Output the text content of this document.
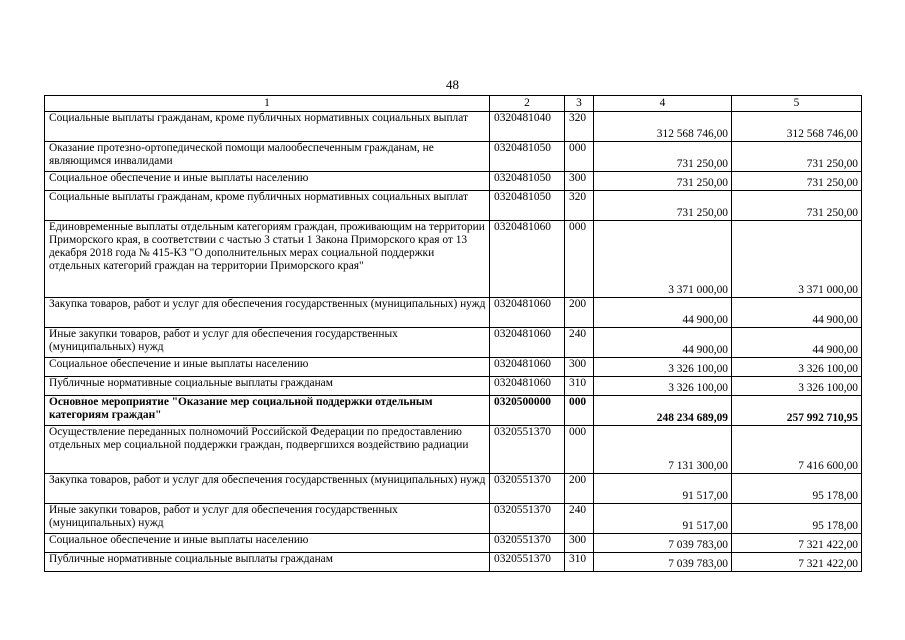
48
1	2	3	4	5
Социальные выплаты гражданам, кроме публичных нормативных социальных выплат	0320481040	320	312 568 746,00	312 568 746,00
Оказание протезно-ортопедической помощи малообеспеченным гражданам, не являющимся инвалидами	0320481050	000	731 250,00	731 250,00
Социальное обеспечение и иные выплаты населению	0320481050	300	731 250,00	731 250,00
Социальные выплаты гражданам, кроме публичных нормативных социальных выплат	0320481050	320	731 250,00	731 250,00
Единовременные выплаты отдельным категориям граждан, проживающим на территории Приморского края, в соответствии с частью 3 статьи 1 Закона Приморского края от 13 декабря 2018 года № 415-КЗ "О дополнительных мерах социальной поддержки отдельных категорий граждан на территории Приморского края"	0320481060	000	3 371 000,00	3 371 000,00
Закупка товаров, работ и услуг для обеспечения государственных (муниципальных) нужд	0320481060	200	44 900,00	44 900,00
Иные закупки товаров, работ и услуг для обеспечения государственных (муниципальных) нужд	0320481060	240	44 900,00	44 900,00
Социальное обеспечение и иные выплаты населению	0320481060	300	3 326 100,00	3 326 100,00
Публичные нормативные социальные выплаты гражданам	0320481060	310	3 326 100,00	3 326 100,00
Основное мероприятие "Оказание мер социальной поддержки отдельным категориям граждан"	0320500000	000	248 234 689,09	257 992 710,95
Осуществление переданных полномочий Российской Федерации по предоставлению отдельных мер социальной поддержки граждан, подвергшихся воздействию радиации	0320551370	000	7 131 300,00	7 416 600,00
Закупка товаров, работ и услуг для обеспечения государственных (муниципальных) нужд	0320551370	200	91 517,00	95 178,00
Иные закупки товаров, работ и услуг для обеспечения государственных (муниципальных) нужд	0320551370	240	91 517,00	95 178,00
Социальное обеспечение и иные выплаты населению	0320551370	300	7 039 783,00	7 321 422,00
Публичные нормативные социальные выплаты гражданам	0320551370	310	7 039 783,00	7 321 422,00
